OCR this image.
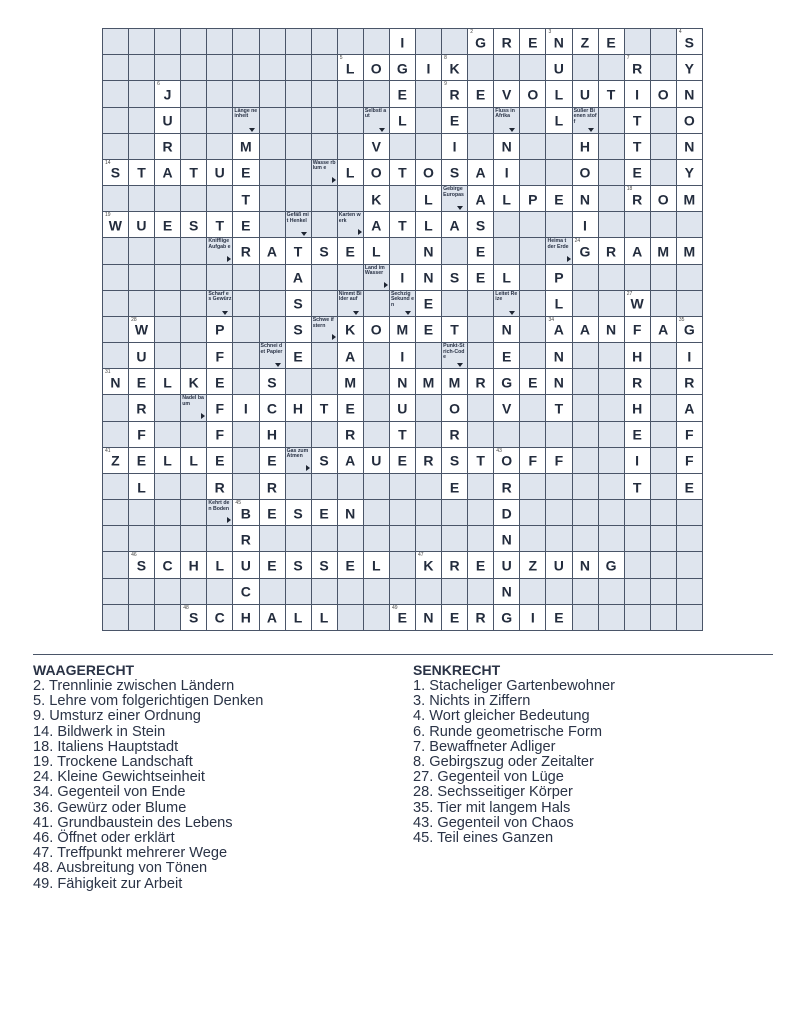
I	G
2
R	E	N
3
Z	E	S
4
L
5
O	G	I	K
8
U	R
7
Y
J
6
E	R
9
E	V	O	L	U	T	I	O	N
U
Länge neinheit
Selbstl aut	L	E
Fluss in Afrika	L
Süßer Bienen stoff	T	O
R	M	V	I	N	H	T	N
S
14
T	A	T	U	E
Wasse rblum e	L	O	T	O	S	A	I	O	E	Y
T	K	L
Gebirge Europas A	L	P	E	N	R
18
O	M
W
19
U	E	S	T	E
Gefäß mit Henkel
Karten werk	A	T	L	A	S	I
Knifflige Aufgab e R	A	T	S	E	L	N	E
Heima t der Erde G
24
R	A	M	M
A
Land im Wasser	I	N	S	E	L	P
Scharf es Gewürz	S
Nimmt Bilder auf
Sechzig Sekund en	E
Leitet Reize	L	W
27
W
28
P	S
Schwe ifstern	K	O	M	E	T	N	A
34
A	N	F	A	G
35
U	F
Schnei det Papier E	A	I
Punkt-Strich-Code	E	N	H	I
N
31
E	L	K	E	S	M	N	M	M	R	G	E	N	R	R
R
Nadel baum	F	I	C	H	T	E	U	O	V	T	H	A
F	F	H	R	T	R	E	F
Z
41
E	L	L	E	E
Gas zum Atmen	S	A	U	E	R	S	T	O
43
F	F	I	F
L	R	R	E	R	T	E
Kehrt den Boden B
45
E	S	E	N	D
R	N
S
46
C	H	L	U	E	S	S	E	L	K
47
R	E	U	Z	U	N	G
C	N
S
48
C	H	A	L	L	E
49
N	E	R	G	I	E
WAAGERECHT
2. Trennlinie zwischen Ländern
5. Lehre vom folgerichtigen Denken
9. Umsturz einer Ordnung
14. Bildwerk in Stein
18. Italiens Hauptstadt
19. Trockene Landschaft
24. Kleine Gewichtseinheit
34. Gegenteil von Ende
36. Gewürz oder Blume
41. Grundbaustein des Lebens
46. Öffnet oder erklärt
47. Treffpunkt mehrerer Wege
48. Ausbreitung von Tönen
49. Fähigkeit zur Arbeit
SENKRECHT
1. Stacheliger Gartenbewohner
3. Nichts in Ziffern
4. Wort gleicher Bedeutung
6. Runde geometrische Form
7. Bewaffneter Adliger
8. Gebirgszug oder Zeitalter
27. Gegenteil von Lüge
28. Sechsseitiger Körper
35. Tier mit langem Hals
43. Gegenteil von Chaos
45. Teil eines Ganzen
